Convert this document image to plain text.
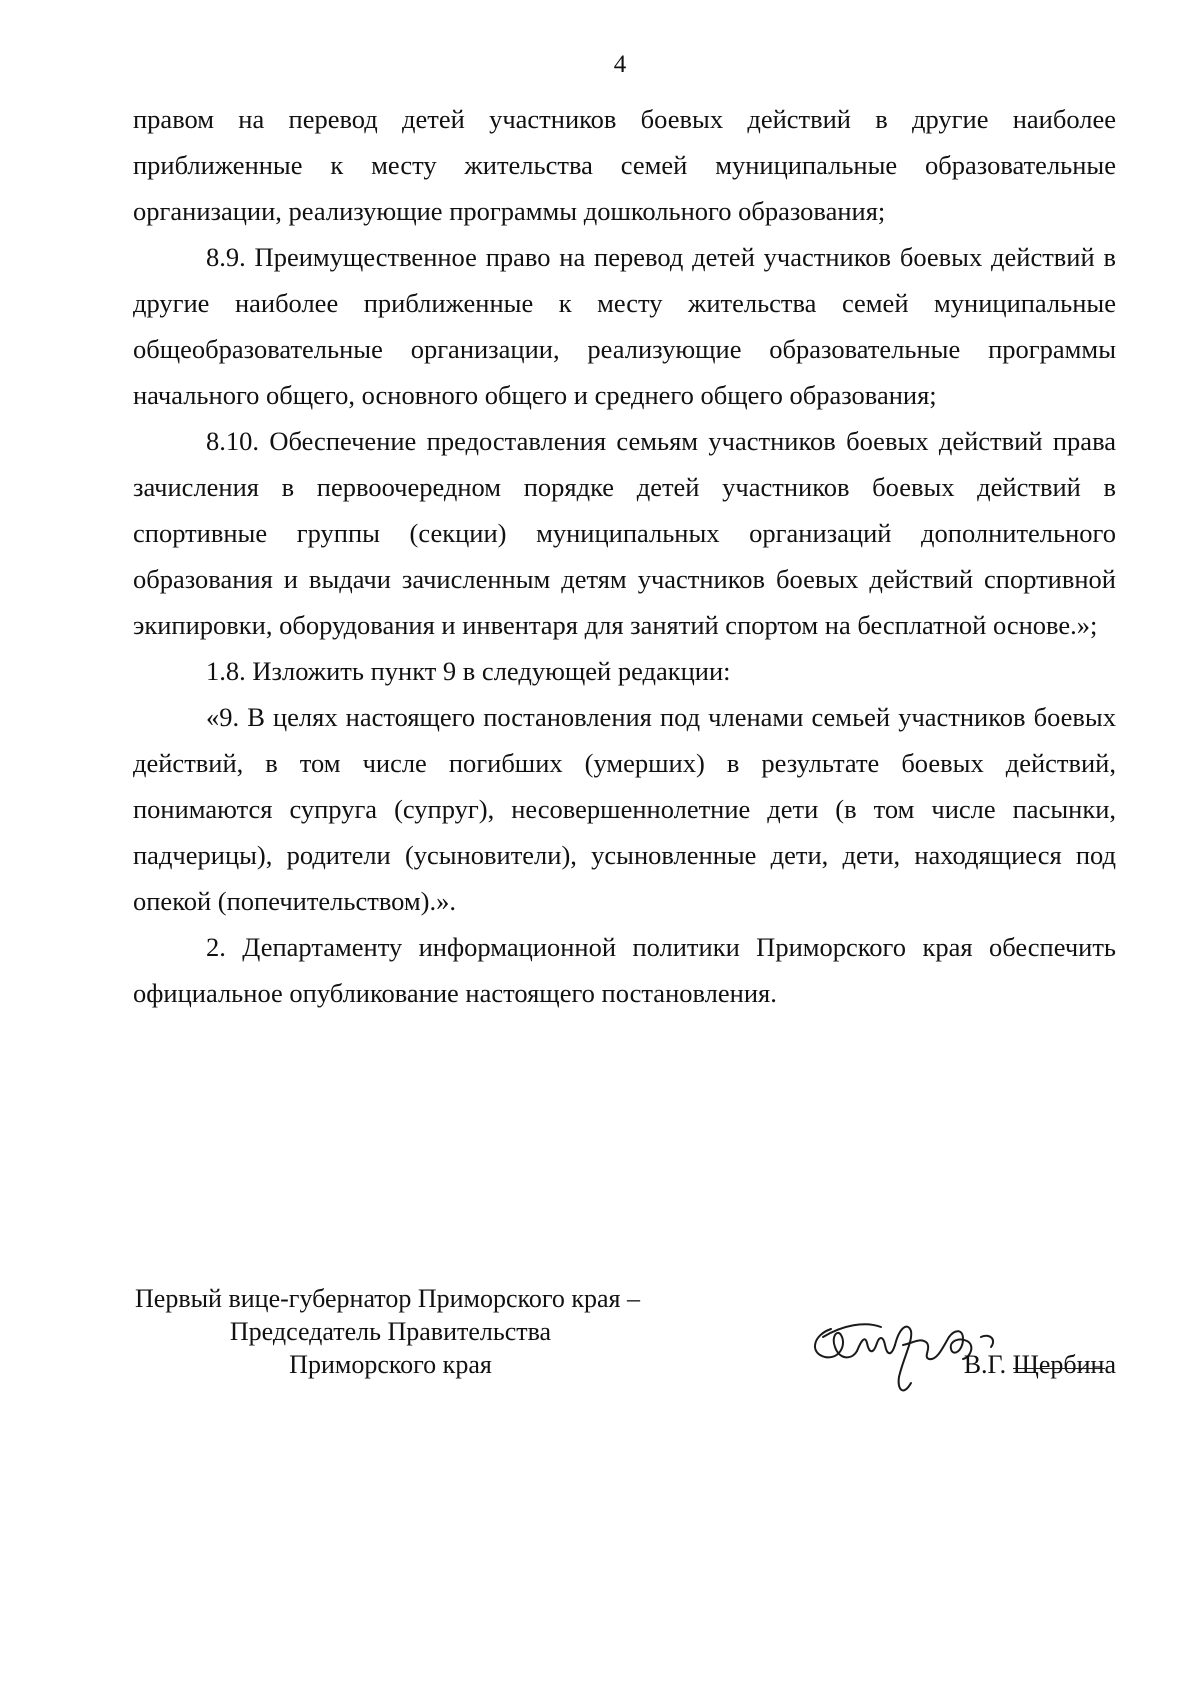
4

правом на перевод детей участников боевых действий в другие наиболее приближенные к месту жительства семей муниципальные образовательные организации, реализующие программы дошкольного образования;

8.9. Преимущественное право на перевод детей участников боевых действий в другие наиболее приближенные к месту жительства семей муниципальные общеобразовательные организации, реализующие образовательные программы начального общего, основного общего и среднего общего образования;

8.10. Обеспечение предоставления семьям участников боевых действий права зачисления в первоочередном порядке детей участников боевых действий в спортивные группы (секции) муниципальных организаций дополнительного образования и выдачи зачисленным детям участников боевых действий спортивной экипировки, оборудования и инвентаря для занятий спортом на бесплатной основе.»;

1.8. Изложить пункт 9 в следующей редакции:

«9. В целях настоящего постановления под членами семьей участников боевых действий, в том числе погибших (умерших) в результате боевых действий, понимаются супруга (супруг), несовершеннолетние дети (в том числе пасынки, падчерицы), родители (усыновители), усыновленные дети, дети, находящиеся под опекой (попечительством).».

2. Департаменту информационной политики Приморского края обеспечить официальное опубликование настоящего постановления.

Первый вице-губернатор Приморского края –
Председатель Правительства
Приморского края	В.Г. Щербина
